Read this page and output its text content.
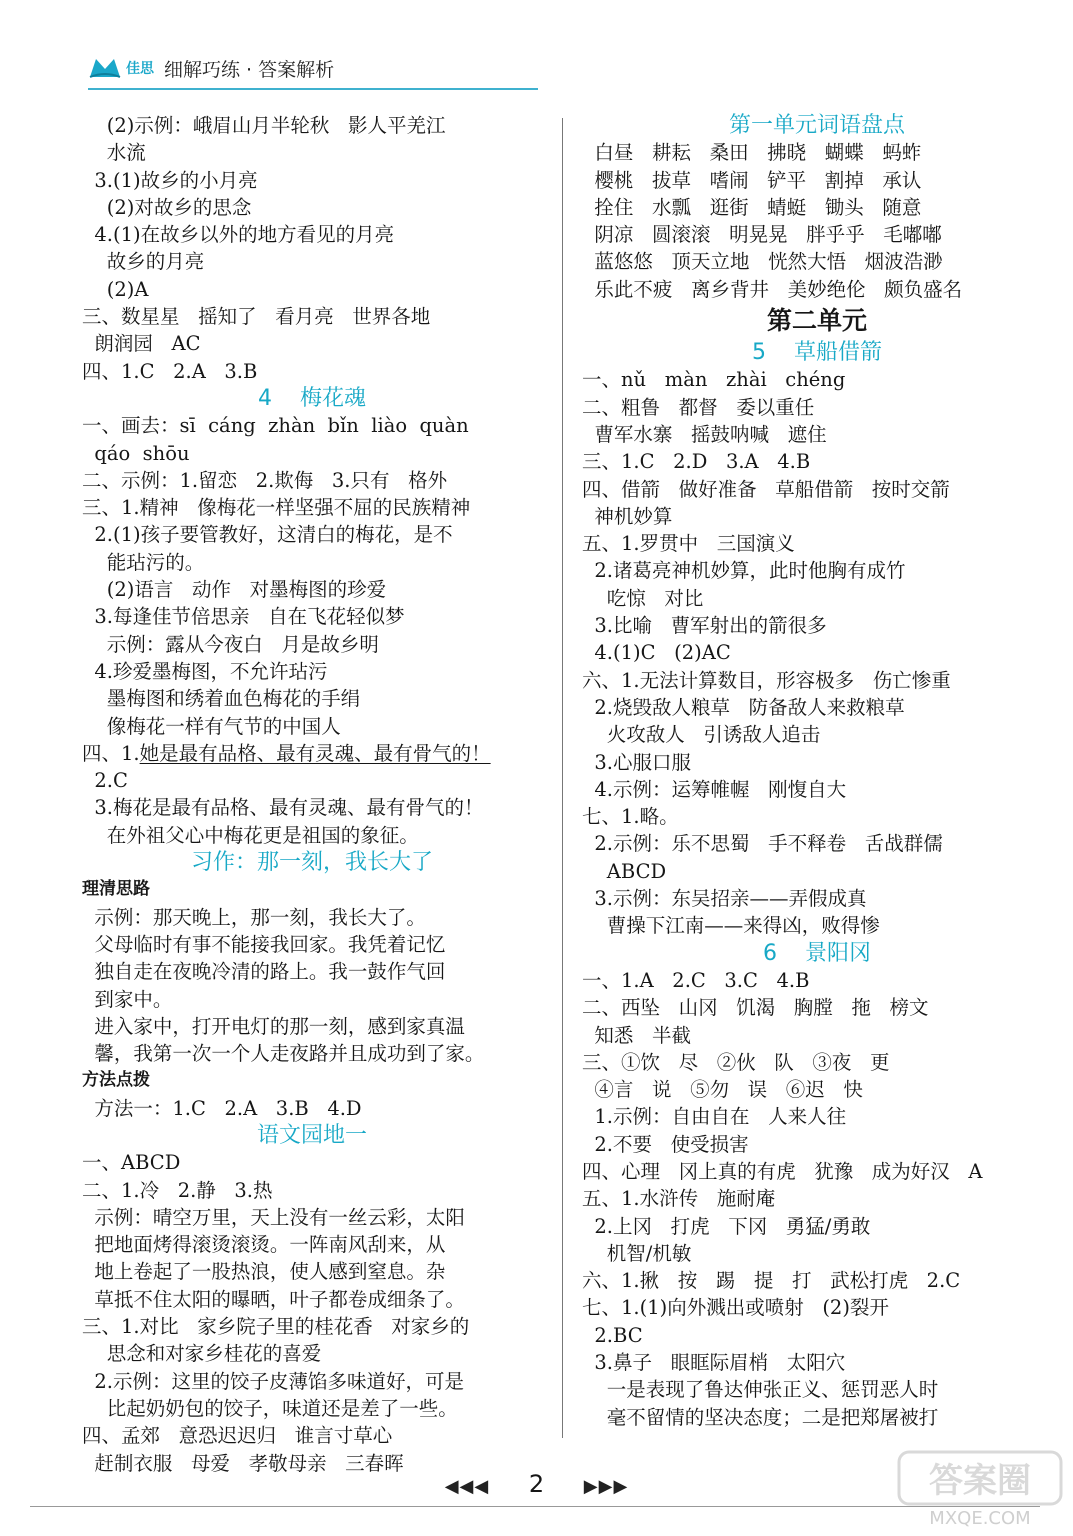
佳思 细解巧练 · 答案解析
(2)示例：峨眉山月半轮秋   影人平羌江
水流
3.(1)故乡的小月亮
(2)对故乡的思念
4.(1)在故乡以外的地方看见的月亮
故乡的月亮
(2)A
三、数星星   摇知了   看月亮   世界各地
朗润园   AC
四、1.C   2.A   3.B
4    梅花魂
一、画去：sī  cáng  zhàn  bǐn  liào  quàn
qáo  shōu
二、示例：1.留恋   2.欺侮   3.只有   格外
三、1.精神   像梅花一样坚强不屈的民族精神
2.(1)孩子要管教好，这清白的梅花，是不
能玷污的。
(2)语言   动作   对墨梅图的珍爱
3.每逢佳节倍思亲   自在飞花轻似梦
示例：露从今夜白   月是故乡明
4.珍爱墨梅图，不允许玷污
墨梅图和绣着血色梅花的手绢
像梅花一样有气节的中国人
四、1.她是最有品格、最有灵魂、最有骨气的！
2.C
3.梅花是最有品格、最有灵魂、最有骨气的！
在外祖父心中梅花更是祖国的象征。
习作：那一刻，我长大了
理清思路
示例：那天晚上，那一刻，我长大了。
父母临时有事不能接我回家。我凭着记忆
独自走在夜晚冷清的路上。我一鼓作气回
到家中。
进入家中，打开电灯的那一刻，感到家真温
馨，我第一次一个人走夜路并且成功到了家。
方法点拨
方法一：1.C   2.A   3.B   4.D
语文园地一
一、ABCD
二、1.冷   2.静   3.热
示例：晴空万里，天上没有一丝云彩，太阳
把地面烤得滚烫滚烫。一阵南风刮来，从
地上卷起了一股热浪，使人感到窒息。杂
草抵不住太阳的曝晒，叶子都卷成细条了。
三、1.对比   家乡院子里的桂花香   对家乡的
思念和对家乡桂花的喜爱
2.示例：这里的饺子皮薄馅多味道好，可是
比起奶奶包的饺子，味道还是差了一些。
四、孟郊   意恐迟迟归   谁言寸草心
赶制衣服   母爱   孝敬母亲   三春晖
第一单元词语盘点
白昼   耕耘   桑田   拂晓   蝴蝶   蚂蚱
樱桃   拔草   嗜闹   铲平   割掉   承认
拴住   水瓢   逛街   蜻蜓   锄头   随意
阴凉   圆滚滚   明晃晃   胖乎乎   毛嘟嘟
蓝悠悠   顶天立地   恍然大悟   烟波浩渺
乐此不疲   离乡背井   美妙绝伦   颇负盛名
第二单元
5    草船借箭
一、nǔ   màn   zhài   chéng
二、粗鲁   都督   委以重任
曹军水寨   摇鼓呐喊   遮住
三、1.C   2.D   3.A   4.B
四、借箭   做好准备   草船借箭   按时交箭
神机妙算
五、1.罗贯中   三国演义
2.诸葛亮神机妙算，此时他胸有成竹
吃惊   对比
3.比喻   曹军射出的箭很多
4.(1)C   (2)AC
六、1.无法计算数目，形容极多   伤亡惨重
2.烧毁敌人粮草   防备敌人来救粮草
火攻敌人   引诱敌人追击
3.心服口服
4.示例：运筹帷幄   刚愎自大
七、1.略。
2.示例：乐不思蜀   手不释卷   舌战群儒
ABCD
3.示例：东吴招亲——弄假成真
曹操下江南——来得凶，败得惨
6    景阳冈
一、1.A   2.C   3.C   4.B
二、西坠   山冈   饥渴   胸膛   拖   榜文
知悉   半截
三、①饮   尽   ②伙   队   ③夜   更
④言   说   ⑤勿   误   ⑥迟   快
1.示例：自由自在   人来人往
2.不要   使受损害
四、心理   冈上真的有虎   犹豫   成为好汉   A
五、1.水浒传   施耐庵
2.上冈   打虎   下冈   勇猛/勇敢
机智/机敏
六、1.揪   按   踢   提   打   武松打虎   2.C
七、1.(1)向外溅出或喷射   (2)裂开
2.BC
3.鼻子   眼眶际眉梢   太阳穴
一是表现了鲁达伸张正义、惩罚恶人时
毫不留情的坚决态度；二是把郑屠被打
◀◀◀ 2 ▶▶▶	答案圈
MXQE.COM
